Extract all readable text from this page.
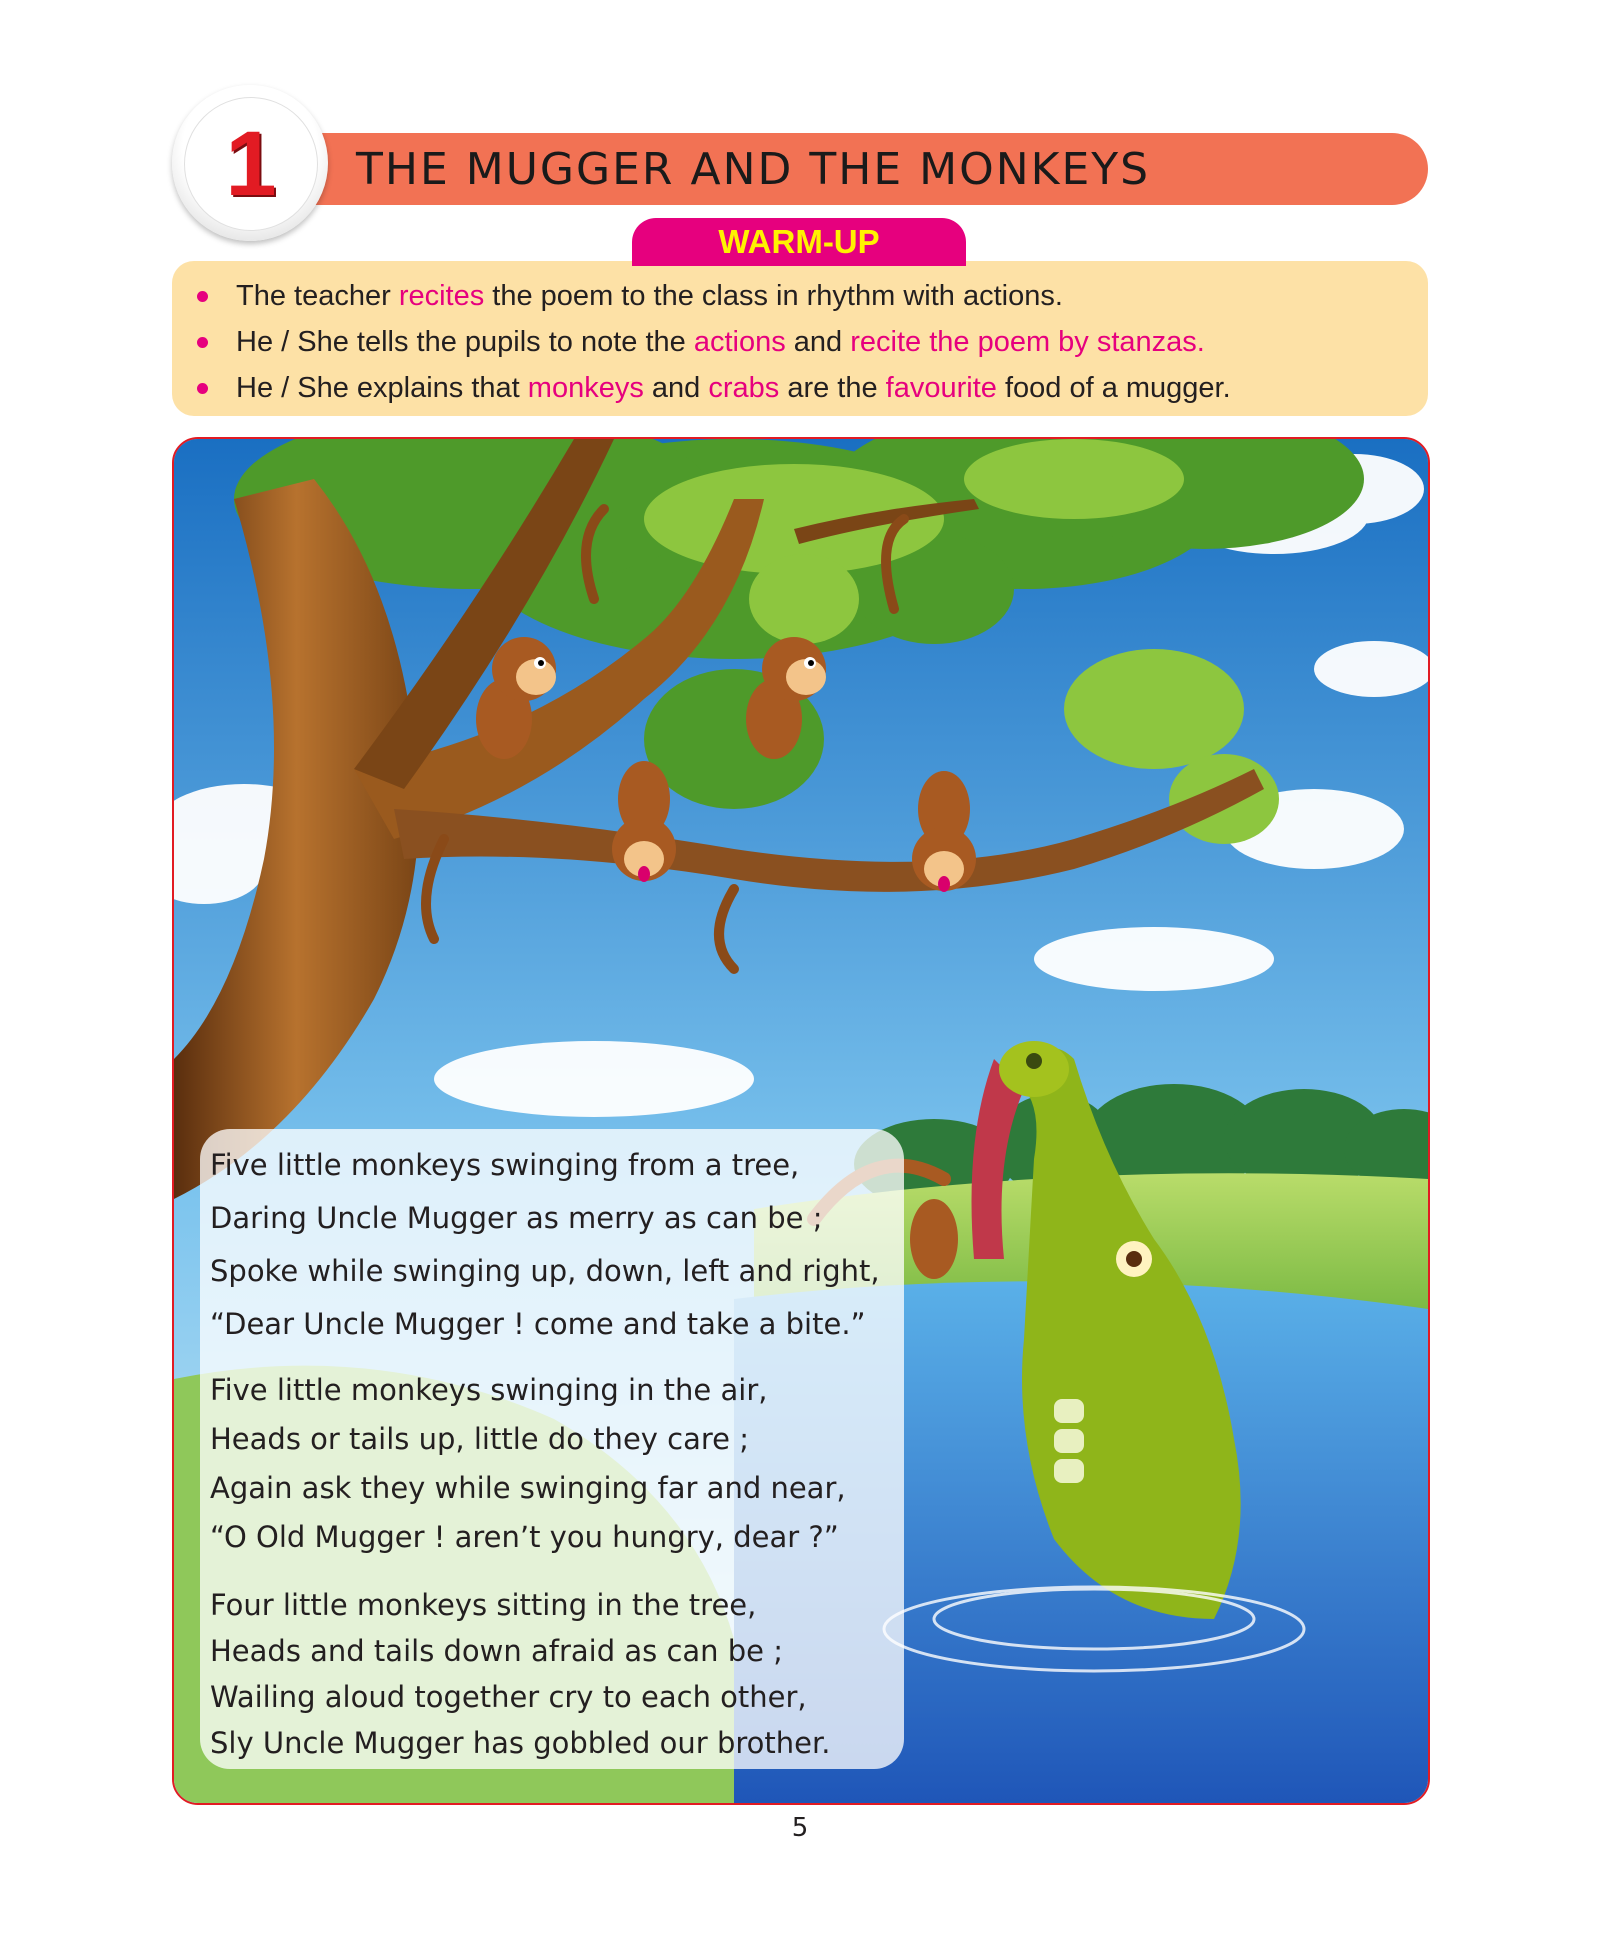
1 THE MUGGER AND THE MONKEYS
WARM-UP
The teacher recites the poem to the class in rhythm with actions.
He / She tells the pupils to note the actions and recite the poem by stanzas.
He / She explains that monkeys and crabs are the favourite food of a mugger.
Five little monkeys swinging from a tree,
Daring Uncle Mugger as merry as can be ;
Spoke while swinging up, down, left and right,
“Dear Uncle Mugger ! come and take a bite.”
Five little monkeys swinging in the air,
Heads or tails up, little do they care ;
Again ask they while swinging far and near,
“O Old Mugger ! aren’t you hungry, dear ?”
Four little monkeys sitting in the tree,
Heads and tails down afraid as can be ;
Wailing aloud together cry to each other,
Sly Uncle Mugger has gobbled our brother.
5
